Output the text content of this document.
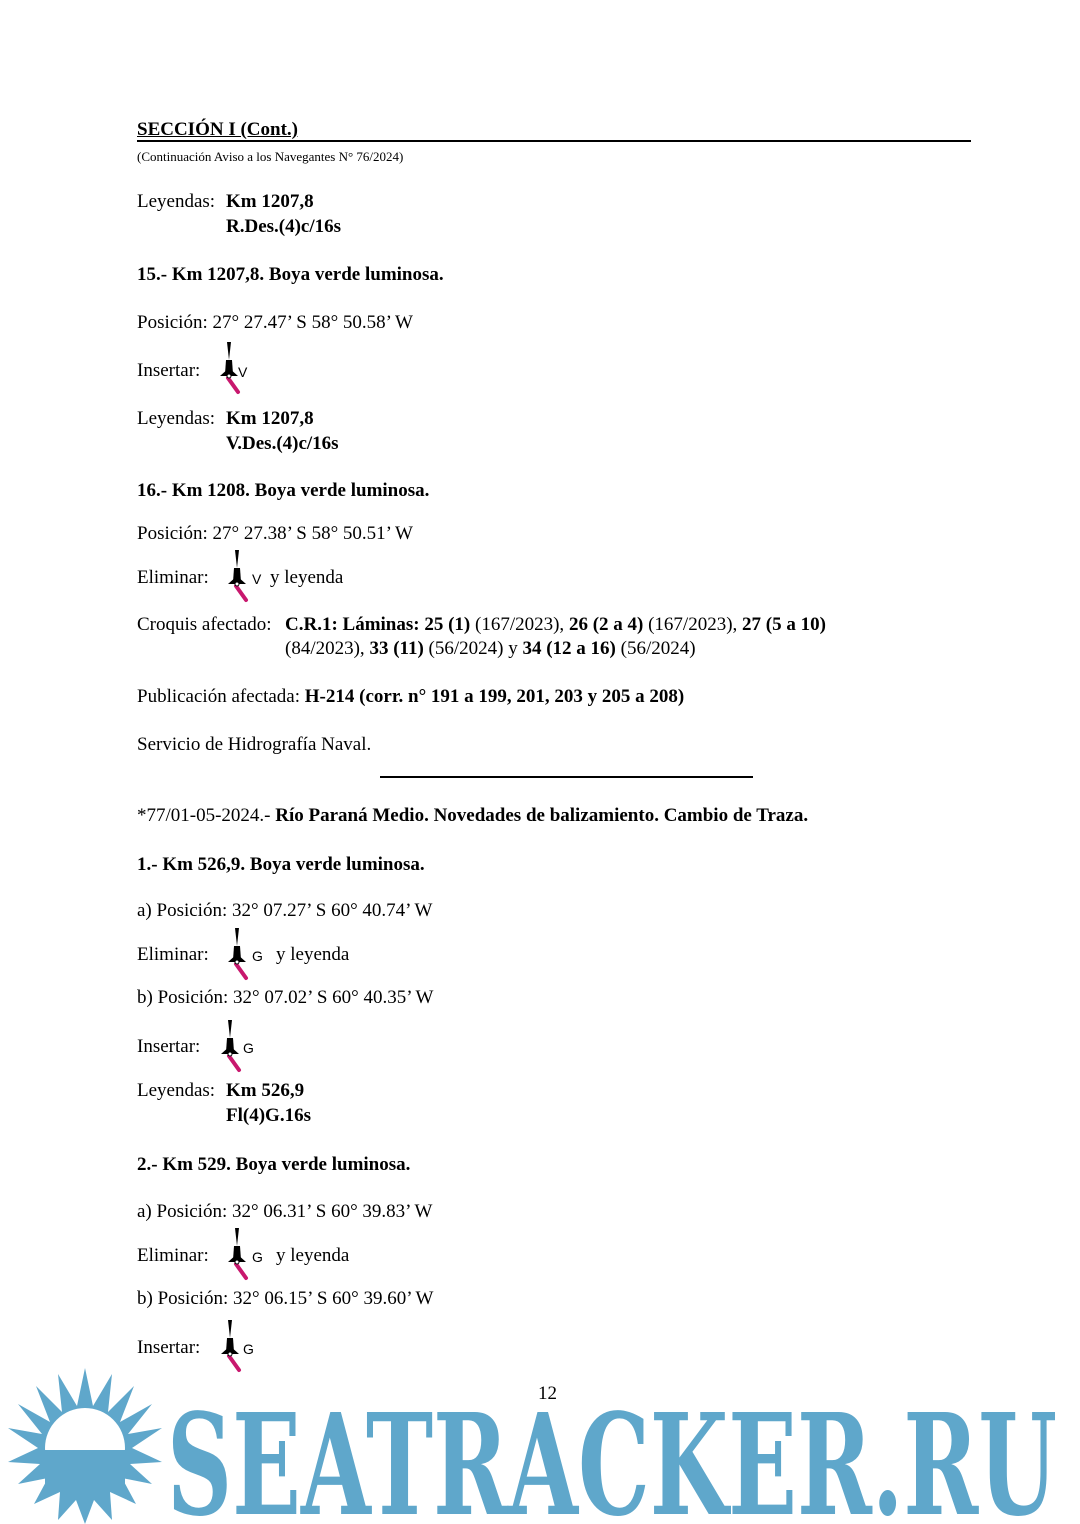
SECCIÓN I (Cont.)
(Continuación Aviso a los Navegantes N° 76/2024)
Leyendas: Km 1207,8
R.Des.(4)c/16s
15.- Km 1207,8. Boya verde luminosa.
Posición: 27° 27.47’ S 58° 50.58’ W
Insertar:	V
Leyendas: Km 1207,8
V.Des.(4)c/16s
16.- Km 1208. Boya verde luminosa.
Posición: 27° 27.38’ S 58° 50.51’ W
Eliminar:	V y leyenda
Croquis afectado: C.R.1: Láminas: 25 (1) (167/2023), 26 (2 a 4) (167/2023), 27 (5 a 10)
(84/2023), 33 (11) (56/2024) y 34 (12 a 16) (56/2024)
Publicación afectada: H-214 (corr. n° 191 a 199, 201, 203 y 205 a 208)
Servicio de Hidrografía Naval.
*77/01-05-2024.- Río Paraná Medio. Novedades de balizamiento. Cambio de Traza.
1.- Km 526,9. Boya verde luminosa.
a) Posición: 32° 07.27’ S 60° 40.74’ W
Eliminar:	G y leyenda
b) Posición: 32° 07.02’ S 60° 40.35’ W
Insertar:	G
Leyendas: Km 526,9
Fl(4)G.16s
2.- Km 529. Boya verde luminosa.
a) Posición: 32° 06.31’ S 60° 39.83’ W
Eliminar:	G y leyenda
b) Posición: 32° 06.15’ S 60° 39.60’ W
Insertar:	G
SEATRACKER.RU
12
